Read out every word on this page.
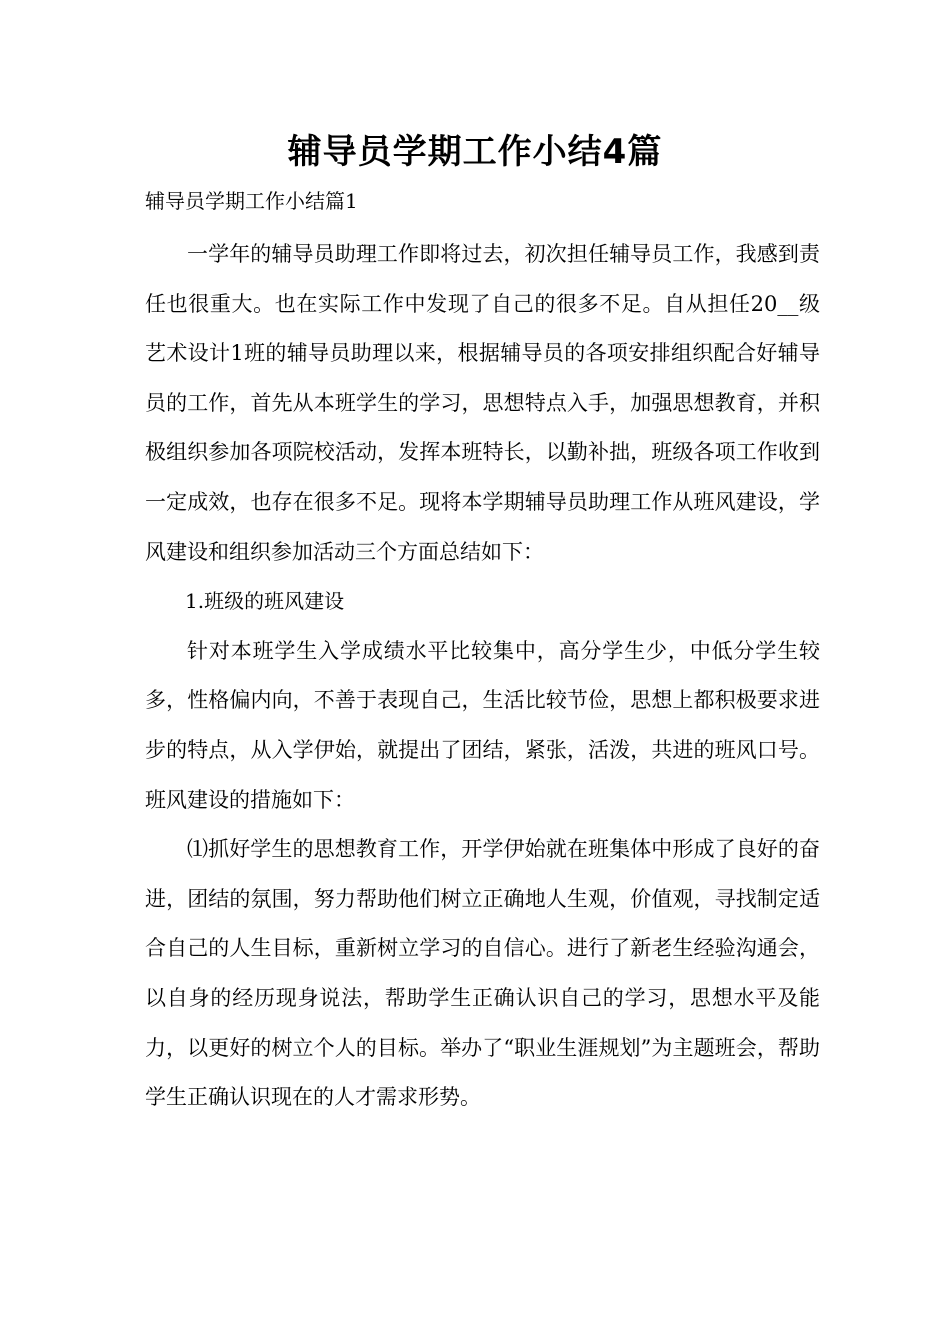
辅导员学期工作小结4篇

辅导员学期工作小结篇1

一学年的辅导员助理工作即将过去，初次担任辅导员工作，我感到责任也很重大。也在实际工作中发现了自己的很多不足。自从担任20__级艺术设计1班的辅导员助理以来，根据辅导员的各项安排组织配合好辅导员的工作，首先从本班学生的学习，思想特点入手，加强思想教育，并积极组织参加各项院校活动，发挥本班特长，以勤补拙，班级各项工作收到一定成效，也存在很多不足。现将本学期辅导员助理工作从班风建设，学风建设和组织参加活动三个方面总结如下：

1.班级的班风建设

针对本班学生入学成绩水平比较集中，高分学生少，中低分学生较多，性格偏内向，不善于表现自己，生活比较节俭，思想上都积极要求进步的特点，从入学伊始，就提出了团结，紧张，活泼，共进的班风口号。班风建设的措施如下：

⑴抓好学生的思想教育工作，开学伊始就在班集体中形成了良好的奋进，团结的氛围，努力帮助他们树立正确地人生观，价值观，寻找制定适合自己的人生目标，重新树立学习的自信心。进行了新老生经验沟通会，以自身的经历现身说法，帮助学生正确认识自己的学习，思想水平及能力，以更好的树立个人的目标。举办了“职业生涯规划”为主题班会，帮助学生正确认识现在的人才需求形势。
